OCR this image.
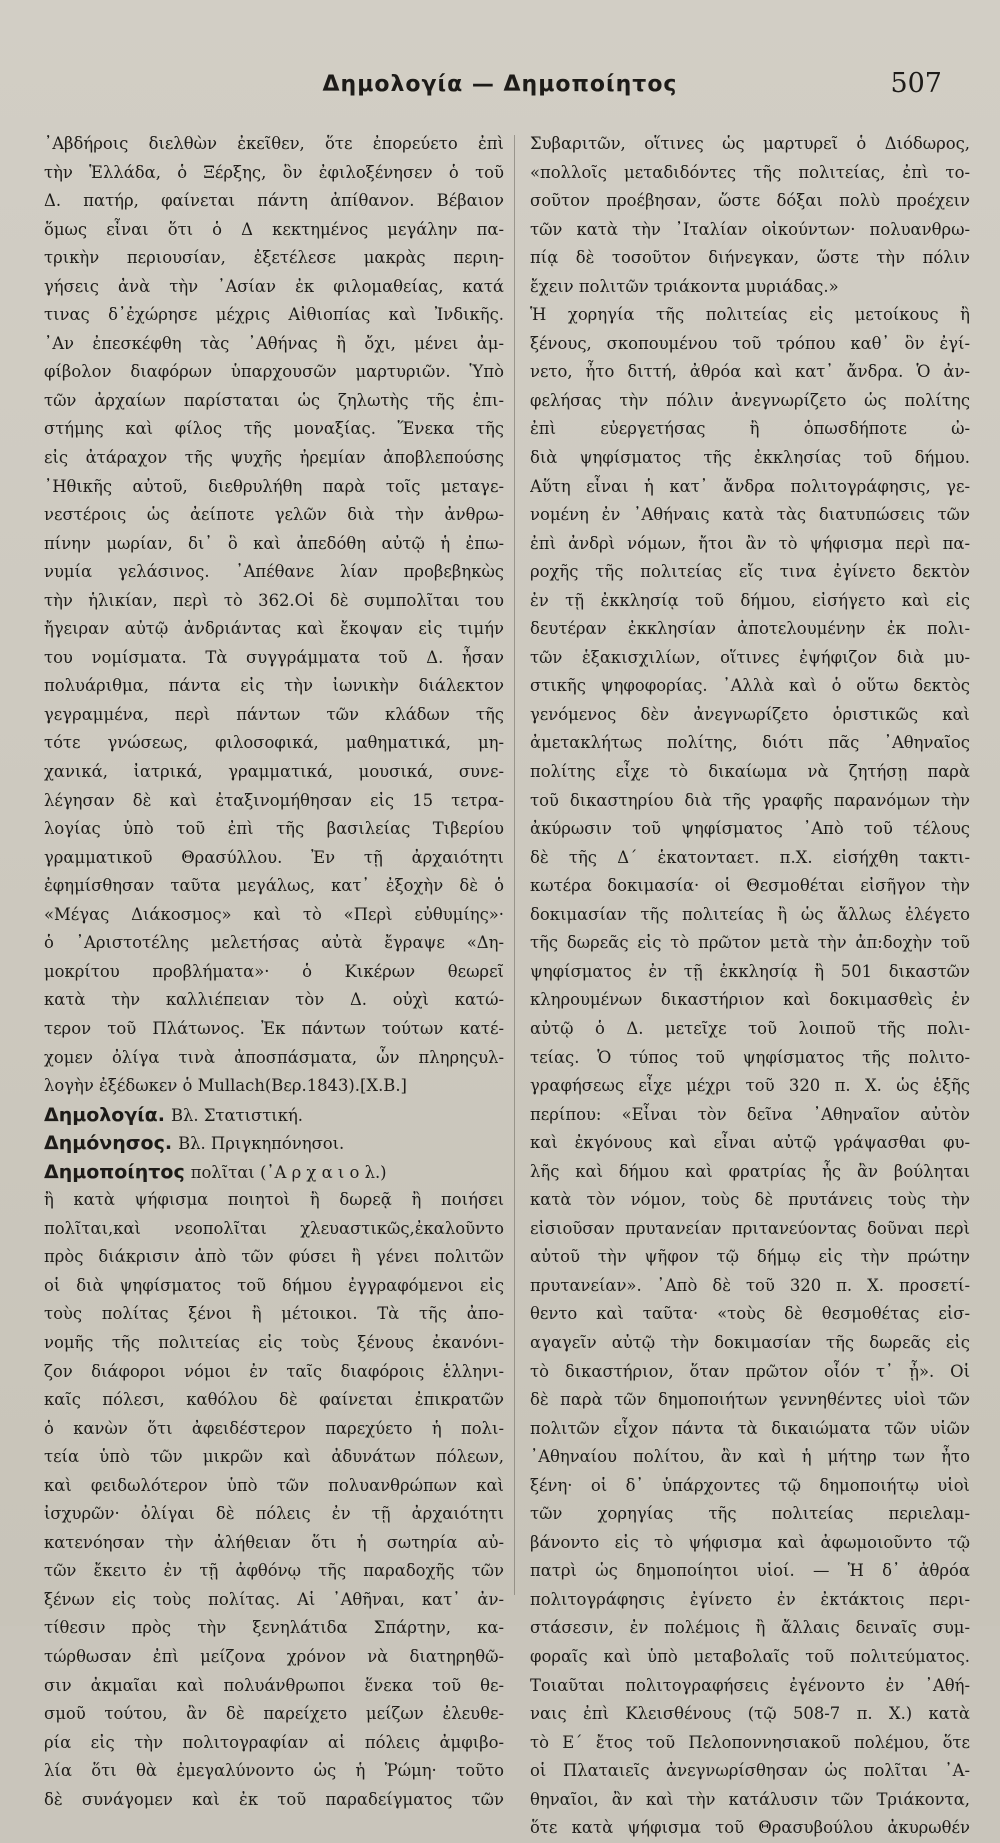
Δημολογία — Δημοποίητος	507
᾿Αβδήροις διελθὼν ἐκεῖθεν, ὅτε ἐπορεύετο ἐπὶ
τὴν Ἑλλάδα, ὁ Ξέρξης, ὃν ἐφιλοξένησεν ὁ τοῦ
Δ. πατήρ, φαίνεται πάντη ἀπίθανον. Βέβαιον
ὅμως εἶναι ὅτι ὁ Δ κεκτημένος μεγάλην πα-
τρικὴν περιουσίαν, ἐξετέλεσε μακρὰς περιη-
γήσεις ἀνὰ τὴν ᾿Ασίαν ἐκ φιλομαθείας, κατά
τινας δ᾿ἐχώρησε μέχρις Αἰθιοπίας καὶ Ἰνδικῆς.
᾿Αν ἐπεσκέφθη τὰς ᾿Αθήνας ἢ ὄχι, μένει ἀμ-
φίβολον διαφόρων ὑπαρχουσῶν μαρτυριῶν. Ὑπὸ
τῶν ἀρχαίων παρίσταται ὡς ζηλωτὴς τῆς ἐπι-
στήμης καὶ φίλος τῆς μοναξίας. Ἕνεκα τῆς
εἰς ἀτάραχον τῆς ψυχῆς ἠρεμίαν ἀποβλεπούσης
᾿Ηθικῆς αὐτοῦ, διεθρυλήθη παρὰ τοῖς μεταγε-
νεστέροις ὡς ἀείποτε γελῶν διὰ τὴν ἀνθρω-
πίνην μωρίαν, δι᾿ ὃ καὶ ἀπεδόθη αὐτῷ ἡ ἐπω-
νυμία γελάσινος. ᾿Απέθανε λίαν προβεβηκὼς
τὴν ἡλικίαν, περὶ τὸ 362.Οἱ δὲ συμπολῖται του
ἤγειραν αὐτῷ ἀνδριάντας καὶ ἔκοψαν εἰς τιμήν
του νομίσματα. Τὰ συγγράμματα τοῦ Δ. ἦσαν
πολυάριθμα, πάντα εἰς τὴν ἰωνικὴν διάλεκτον
γεγραμμένα, περὶ πάντων τῶν κλάδων τῆς
τότε γνώσεως, φιλοσοφικά, μαθηματικά, μη-
χανικά, ἰατρικά, γραμματικά, μουσικά, συνε-
λέγησαν δὲ καὶ ἐταξινομήθησαν εἰς 15 τετρα-
λογίας ὑπὸ τοῦ ἐπὶ τῆς βασιλείας Τιβερίου
γραμματικοῦ Θρασύλλου. Ἐν τῇ ἀρχαιότητι
ἐφημίσθησαν ταῦτα μεγάλως, κατ᾿ ἐξοχὴν δὲ ὁ
«Μέγας Διάκοσμος» καὶ τὸ «Περὶ εὐθυμίης»·
ὁ ᾿Αριστοτέλης μελετήσας αὐτὰ ἔγραψε «Δη-
μοκρίτου προβλήματα»· ὁ Κικέρων θεωρεῖ
κατὰ τὴν καλλιέπειαν τὸν Δ. οὐχὶ κατώ-
τερον τοῦ Πλάτωνος. Ἐκ πάντων τούτων κατέ-
χομεν ὀλίγα τινὰ ἀποσπάσματα, ὧν πληρηςυλ-
λογὴν ἐξέδωκεν ὁ Mullach(Βερ.1843).[Χ.Β.]
Δημολογία. Βλ. Στατιστική.
Δημόνησος. Βλ. Πριγκηπόνησοι.
Δημοποίητος πολῖται (᾿Α ρ χ α ι ο λ.)
ἢ κατὰ ψήφισμα ποιητοὶ ἢ δωρεᾷ ἢ ποιήσει
πολῖται,καὶ νεοπολῖται χλευαστικῶς,ἐκαλοῦντο
πρὸς διάκρισιν ἀπὸ τῶν φύσει ἢ γένει πολιτῶν
οἱ διὰ ψηφίσματος τοῦ δήμου ἐγγραφόμενοι εἰς
τοὺς πολίτας ξένοι ἢ μέτοικοι. Τὰ τῆς ἀπο-
νομῆς τῆς πολιτείας εἰς τοὺς ξένους ἐκανόνι-
ζον διάφοροι νόμοι ἐν ταῖς διαφόροις ἑλληνι-
καῖς πόλεσι, καθόλου δὲ φαίνεται ἐπικρατῶν
ὁ κανὼν ὅτι ἀφειδέστερον παρεχύετο ἡ πολι-
τεία ὑπὸ τῶν μικρῶν καὶ ἀδυνάτων πόλεων,
καὶ φειδωλότερον ὑπὸ τῶν πολυανθρώπων καὶ
ἰσχυρῶν· ὀλίγαι δὲ πόλεις ἐν τῇ ἀρχαιότητι
κατενόησαν τὴν ἀλήθειαν ὅτι ἡ σωτηρία αὐ-
τῶν ἔκειτο ἐν τῇ ἀφθόνῳ τῆς παραδοχῆς τῶν
ξένων εἰς τοὺς πολίτας. Αἱ ᾿Αθῆναι, κατ᾿ ἀν-
τίθεσιν πρὸς τὴν ξενηλάτιδα Σπάρτην, κα-
τώρθωσαν ἐπὶ μείζονα χρόνον νὰ διατηρηθῶ-
σιν ἀκμαῖαι καὶ πολυάνθρωποι ἕνεκα τοῦ θε-
σμοῦ τούτου, ἂν δὲ παρείχετο μείζων ἐλευθε-
ρία εἰς τὴν πολιτογραφίαν αἱ πόλεις ἀμφιβο-
λία ὅτι θὰ ἐμεγαλύνοντο ὡς ἡ Ῥώμη· τοῦτο
δὲ συνάγομεν καὶ ἐκ τοῦ παραδείγματος τῶν
Συβαριτῶν, οἵτινες ὡς μαρτυρεῖ ὁ Διόδωρος,
«πολλοῖς μεταδιδόντες τῆς πολιτείας, ἐπὶ το-
σοῦτον προέβησαν, ὥστε δόξαι πολὺ προέχειν
τῶν κατὰ τὴν ᾿Ιταλίαν οἰκούντων· πολυανθρω-
πίᾳ δὲ τοσοῦτον διήνεγκαν, ὥστε τὴν πόλιν
ἔχειν πολιτῶν τριάκοντα μυριάδας.»
Ἡ χορηγία τῆς πολιτείας εἰς μετοίκους ἢ
ξένους, σκοπουμένου τοῦ τρόπου καθ᾿ ὃν ἐγί-
νετο, ἦτο διττή, ἀθρόα καὶ κατ᾿ ἄνδρα. Ὁ ἀν-
φελήσας τὴν πόλιν ἀνεγνωρίζετο ὡς πολίτης
ἐπὶ εὐεργετήσας ἢ ὁπωσδήποτε ὠ-
διὰ ψηφίσματος τῆς ἐκκλησίας τοῦ δήμου.
Αὕτη εἶναι ἡ κατ᾿ ἄνδρα πολιτογράφησις, γε-
νομένη ἐν ᾿Αθήναις κατὰ τὰς διατυπώσεις τῶν
ἐπὶ ἀνδρὶ νόμων, ἤτοι ἂν τὸ ψήφισμα περὶ πα-
ροχῆς τῆς πολιτείας εἴς τινα ἐγίνετο δεκτὸν
ἐν τῇ ἐκκλησίᾳ τοῦ δήμου, εἰσήγετο καὶ εἰς
δευτέραν ἐκκλησίαν ἀποτελουμένην ἐκ πολι-
τῶν ἑξακισχιλίων, οἵτινες ἐψήφιζον διὰ μυ-
στικῆς ψηφοφορίας. ᾿Αλλὰ καὶ ὁ οὕτω δεκτὸς
γενόμενος δὲν ἀνεγνωρίζετο ὁριστικῶς καὶ
ἀμετακλήτως πολίτης, διότι πᾶς ᾿Αθηναῖος
πολίτης εἶχε τὸ δικαίωμα νὰ ζητήσῃ παρὰ
τοῦ δικαστηρίου διὰ τῆς γραφῆς παρανόμων τὴν
ἀκύρωσιν τοῦ ψηφίσματος ᾿Απὸ τοῦ τέλους
δὲ τῆς Δ´ ἑκατονταετ. π.Χ. εἰσήχθη τακτι-
κωτέρα δοκιμασία· οἱ Θεσμοθέται εἰσῆγον τὴν
δοκιμασίαν τῆς πολιτείας ἢ ὡς ἄλλως ἐλέγετο
τῆς δωρεᾶς εἰς τὸ πρῶτον μετὰ τὴν ἀπ:δοχὴν τοῦ
ψηφίσματος ἐν τῇ ἐκκλησίᾳ ἢ 501 δικαστῶν
κληρουμένων δικαστήριον καὶ δοκιμασθεὶς ἐν
αὐτῷ ὁ Δ. μετεῖχε τοῦ λοιποῦ τῆς πολι-
τείας. Ὁ τύπος τοῦ ψηφίσματος τῆς πολιτο-
γραφήσεως εἶχε μέχρι τοῦ 320 π. Χ. ὡς ἑξῆς
περίπου: «Εἶναι τὸν δεῖνα ᾿Αθηναῖον αὐτὸν
καὶ ἐκγόνους καὶ εἶναι αὐτῷ γράψασθαι φυ-
λῆς καὶ δήμου καὶ φρατρίας ἧς ἂν βούληται
κατὰ τὸν νόμον, τοὺς δὲ πρυτάνεις τοὺς τὴν
εἰσιοῦσαν πρυτανείαν πριτανεύοντας δοῦναι περὶ
αὐτοῦ τὴν ψῆφον τῷ δήμῳ εἰς τὴν πρώτην
πρυτανείαν». ᾿Απὸ δὲ τοῦ 320 π. Χ. προσετί-
θεντο καὶ ταῦτα· «τοὺς δὲ θεσμοθέτας εἰσ-
αγαγεῖν αὐτῷ τὴν δοκιμασίαν τῆς δωρεᾶς εἰς
τὸ δικαστήριον, ὅταν πρῶτον οἷόν τ᾿ ᾖ». Οἱ
δὲ παρὰ τῶν δημοποιήτων γεννηθέντες υἱοὶ τῶν
πολιτῶν εἶχον πάντα τὰ δικαιώματα τῶν υἱῶν
᾿Αθηναίου πολίτου, ἂν καὶ ἡ μήτηρ των ἦτο
ξένη· οἱ δ᾿ ὑπάρχοντες τῷ δημοποιήτῳ υἱοὶ
τῶν χορηγίας τῆς πολιτείας περιελαμ-
βάνοντο εἰς τὸ ψήφισμα καὶ ἀφωμοιοῦντο τῷ
πατρὶ ὡς δημοποίητοι υἱοί. — Ἡ δ᾿ ἀθρόα
πολιτογράφησις ἐγίνετο ἐν ἐκτάκτοις περι-
στάσεσιν, ἐν πολέμοις ἢ ἄλλαις δειναῖς συμ-
φοραῖς καὶ ὑπὸ μεταβολαῖς τοῦ πολιτεύματος.
Τοιαῦται πολιτογραφήσεις ἐγένοντο ἐν ᾿Αθή-
ναις ἐπὶ Κλεισθένους (τῷ 508-7 π. Χ.) κατὰ
τὸ Ε´ ἔτος τοῦ Πελοποννησιακοῦ πολέμου, ὅτε
οἱ Πλαταιεῖς ἀνεγνωρίσθησαν ὡς πολῖται ᾿Α-
θηναῖοι, ἂν καὶ τὴν κατάλυσιν τῶν Τριάκοντα,
ὅτε κατὰ ψήφισμα τοῦ Θρασυβούλου ἀκυρωθέν
